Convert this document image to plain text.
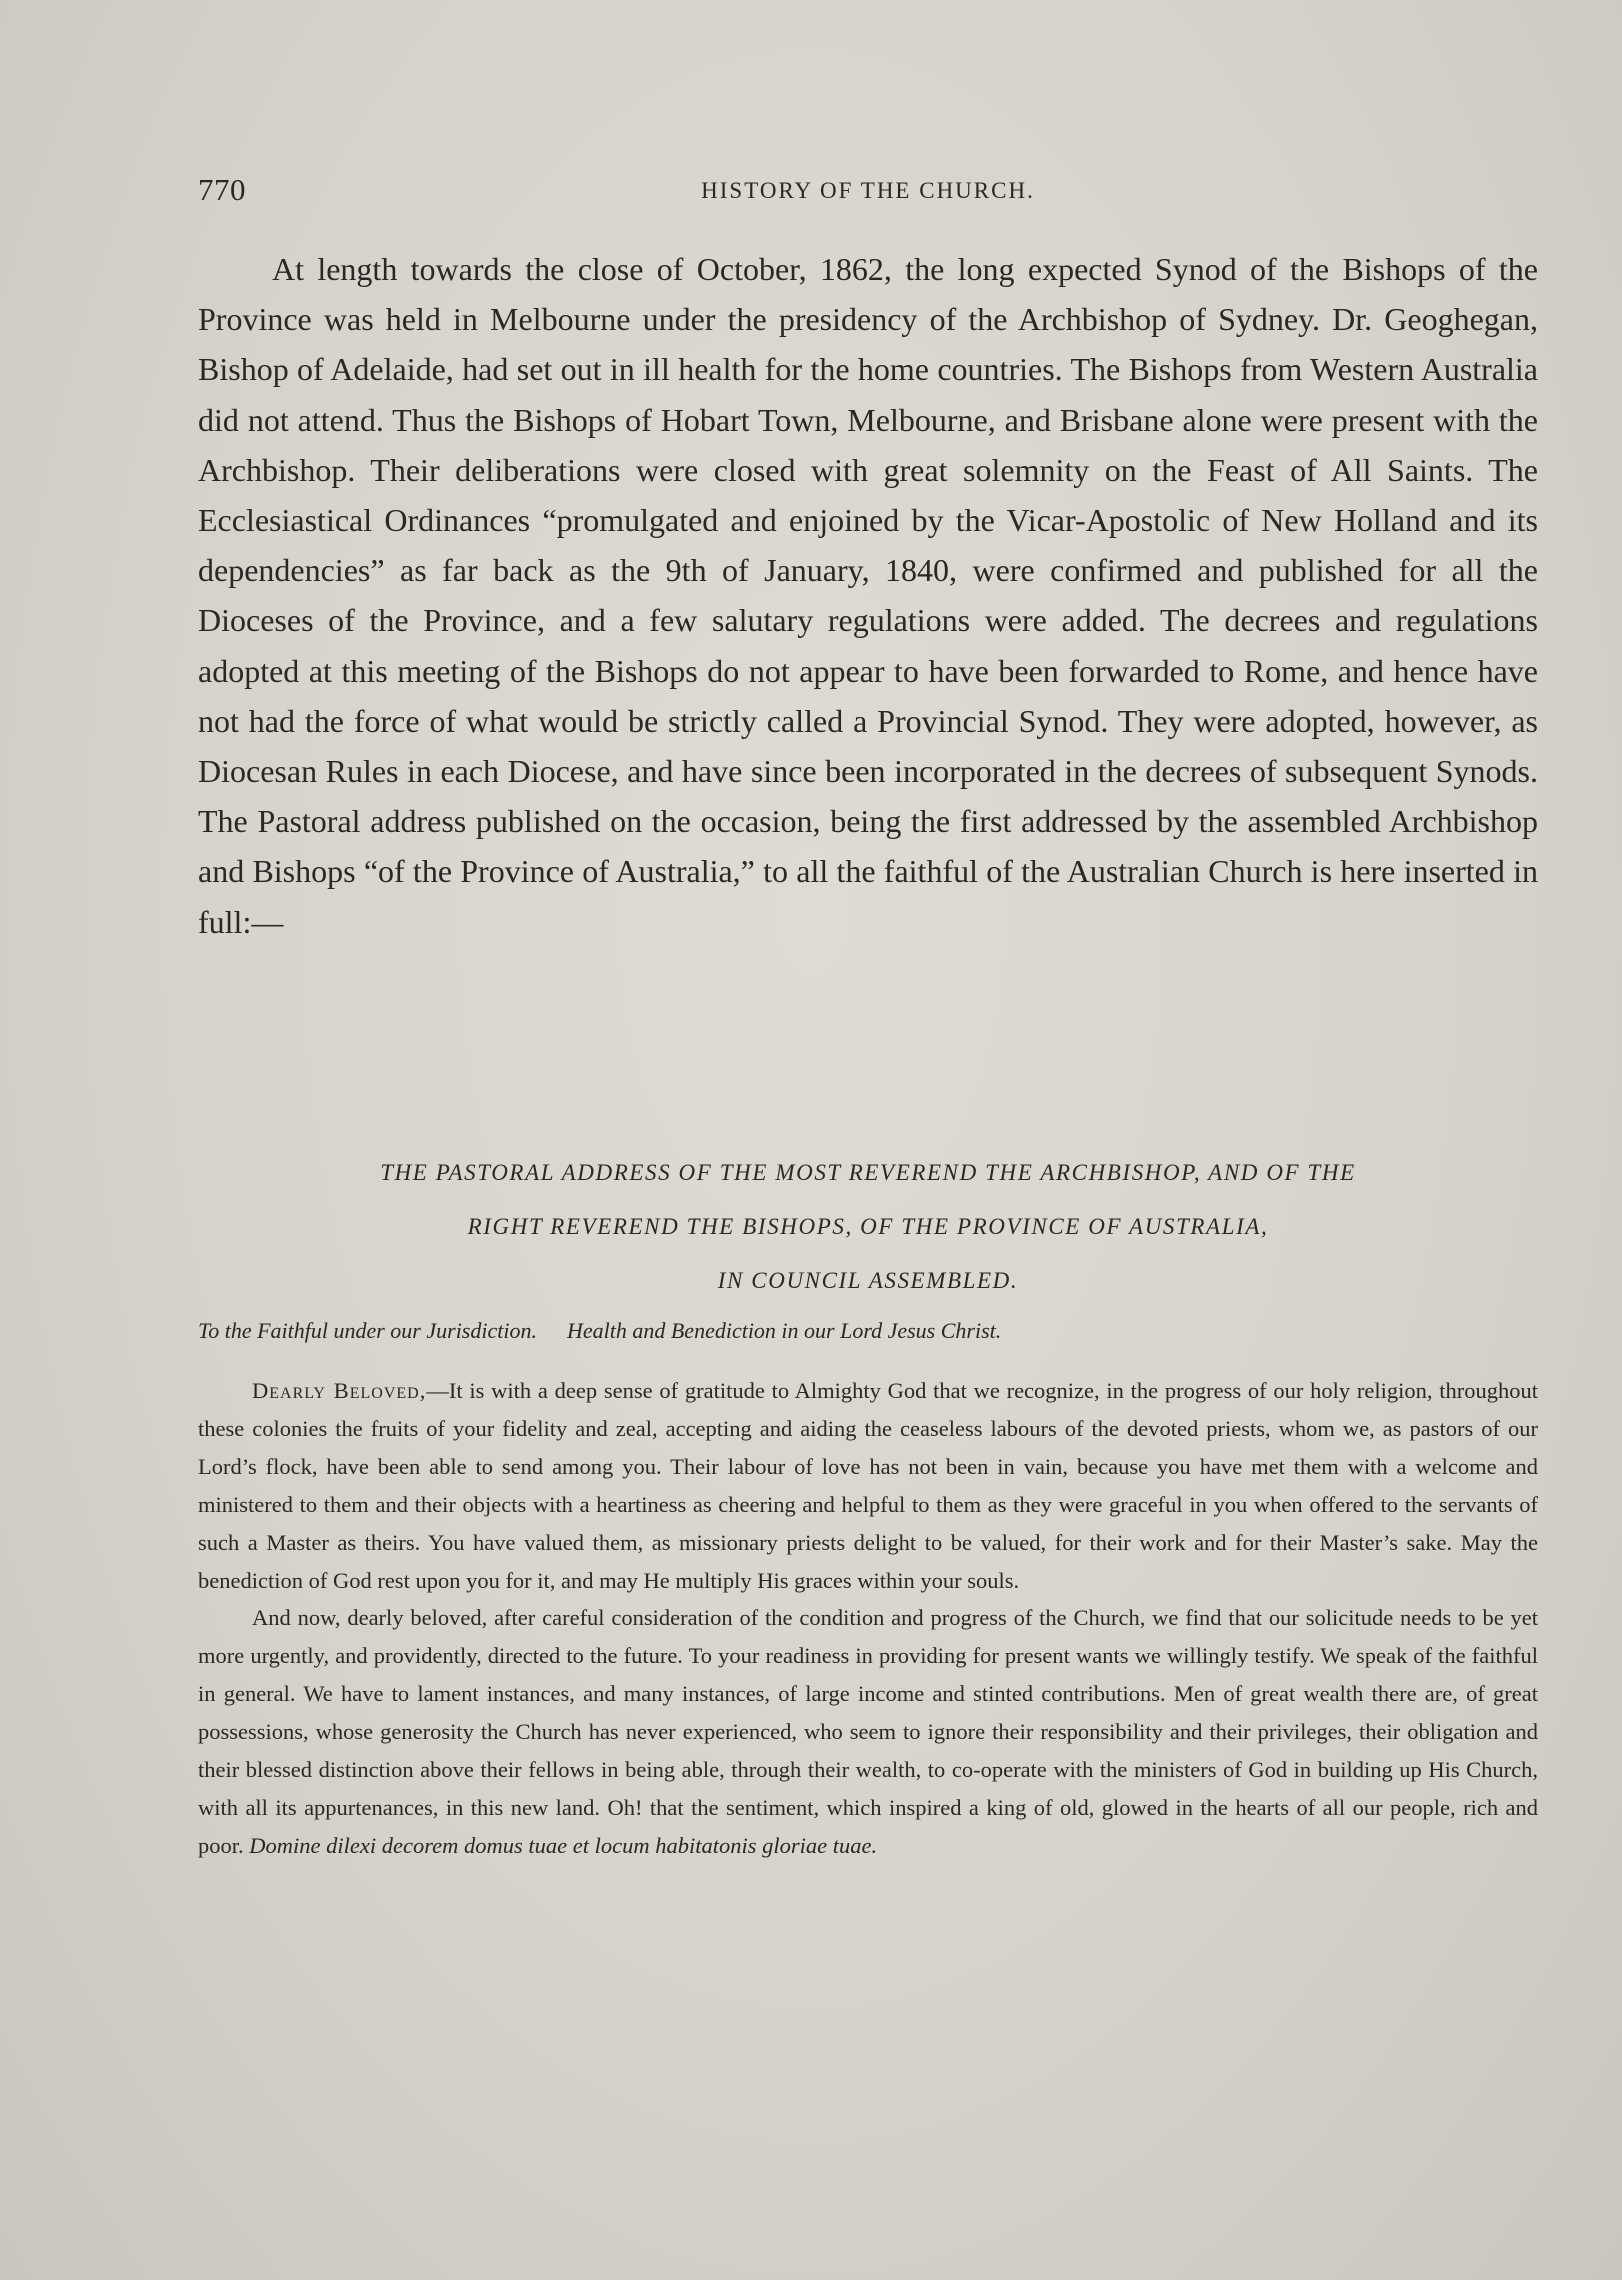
770	HISTORY OF THE CHURCH.

At length towards the close of October, 1862, the long expected Synod of the Bishops of the Province was held in Melbourne under the presidency of the Archbishop of Sydney. Dr. Geoghegan, Bishop of Adelaide, had set out in ill health for the home countries. The Bishops from Western Australia did not attend. Thus the Bishops of Hobart Town, Melbourne, and Brisbane alone were present with the Archbishop. Their deliberations were closed with great solemnity on the Feast of All Saints. The Ecclesiastical Ordinances “promulgated and enjoined by the Vicar-Apostolic of New Holland and its dependencies” as far back as the 9th of January, 1840, were confirmed and published for all the Dioceses of the Province, and a few salutary regulations were added. The decrees and regulations adopted at this meeting of the Bishops do not appear to have been forwarded to Rome, and hence have not had the force of what would be strictly called a Provincial Synod. They were adopted, however, as Diocesan Rules in each Diocese, and have since been incorporated in the decrees of subsequent Synods. The Pastoral address published on the occasion, being the first addressed by the assembled Archbishop and Bishops “of the Province of Australia,” to all the faithful of the Australian Church is here inserted in full:—

THE PASTORAL ADDRESS OF THE MOST REVEREND THE ARCHBISHOP, AND OF THE
RIGHT REVEREND THE BISHOPS, OF THE PROVINCE OF AUSTRALIA,
IN COUNCIL ASSEMBLED.
To the Faithful under our Jurisdiction. Health and Benediction in our Lord Jesus Christ.

Dearly Beloved,—It is with a deep sense of gratitude to Almighty God that we recognize, in the progress of our holy religion, throughout these colonies the fruits of your fidelity and zeal, accepting and aiding the ceaseless labours of the devoted priests, whom we, as pastors of our Lord’s flock, have been able to send among you. Their labour of love has not been in vain, because you have met them with a welcome and ministered to them and their objects with a heartiness as cheering and helpful to them as they were graceful in you when offered to the servants of such a Master as theirs. You have valued them, as missionary priests delight to be valued, for their work and for their Master’s sake. May the benediction of God rest upon you for it, and may He multiply His graces within your souls.

And now, dearly beloved, after careful consideration of the condition and progress of the Church, we find that our solicitude needs to be yet more urgently, and providently, directed to the future. To your readiness in providing for present wants we willingly testify. We speak of the faithful in general. We have to lament instances, and many instances, of large income and stinted contributions. Men of great wealth there are, of great possessions, whose generosity the Church has never experienced, who seem to ignore their responsibility and their privileges, their obligation and their blessed distinction above their fellows in being able, through their wealth, to co-operate with the ministers of God in building up His Church, with all its appurtenances, in this new land. Oh! that the sentiment, which inspired a king of old, glowed in the hearts of all our people, rich and poor. Domine dilexi decorem domus tuae et locum habitatonis gloriae tuae.
